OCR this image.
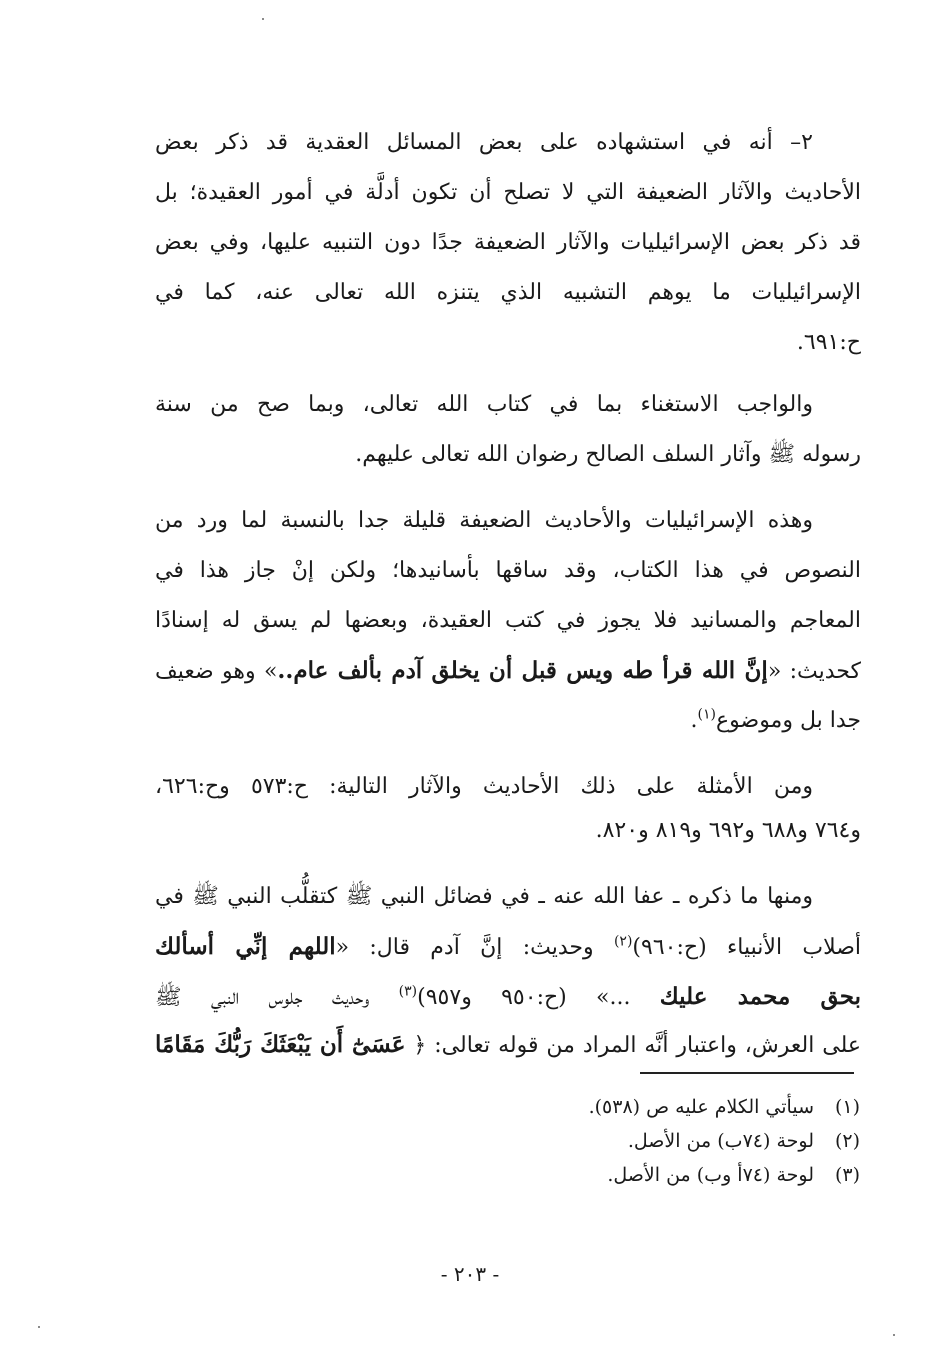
٢– أنه في استشهاده على بعض المسائل العقدية قد ذكر بعض
الأحاديث والآثار الضعيفة التي لا تصلح أن تكون أدلَّة في أمور العقيدة؛ بل
قد ذكر بعض الإسرائيليات والآثار الضعيفة جدًا دون التنبيه عليها، وفي بعض
الإسرائيليات ما يوهم التشبيه الذي يتنزه الله تعالى عنه، كما في
ح:٦٩١.
والواجب الاستغناء بما في كتاب الله تعالى، وبما صح من سنة
رسوله ﷺ وآثار السلف الصالح رضوان الله تعالى عليهم.
وهذه الإسرائيليات والأحاديث الضعيفة قليلة جدا بالنسبة لما ورد من
النصوص في هذا الكتاب، وقد ساقها بأسانيدها؛ ولكن إنْ جاز هذا في
المعاجم والمسانيد فلا يجوز في كتب العقيدة، وبعضها لم يسق له إسنادًا
كحديث: «إنَّ الله قرأ طه ويس قبل أن يخلق آدم بألف عام..» وهو ضعيف
جدا بل وموضوع$^{(١)}$.
ومن الأمثلة على ذلك الأحاديث والآثار التالية: ح:٥٧٣ وح:٦٢٦،
و٧٦٤ و٦٨٨ و٦٩٢ و٨١٩ و٨٢٠.
ومنها ما ذكره ـ عفا الله عنه ـ في فضائل النبي ﷺ كتقلُّب النبي ﷺ في
أصلاب الأنبياء (ح:٩٦٠)$^{(٢)}$ وحديث: إنَّ آدم قال: «اللهم إنِّي أسألك
بحق محمد عليك ...» (ح:٩٥٠ و٩٥٧)$^{(٣)}$ وحديث جلوس النبي ﷺ
على العرش، واعتبار أنَّه المراد من قوله تعالى: ﴿ عَسَىٰٓ أَن يَبْعَثَكَ رَبُّكَ مَقَامًا
(١)سيأتي الكلام عليه ص (٥٣٨).
(٢)لوحة (٧٤ب) من الأصل.
(٣)لوحة (٧٤أ وب) من الأصل.
- ٢٠٣ -
